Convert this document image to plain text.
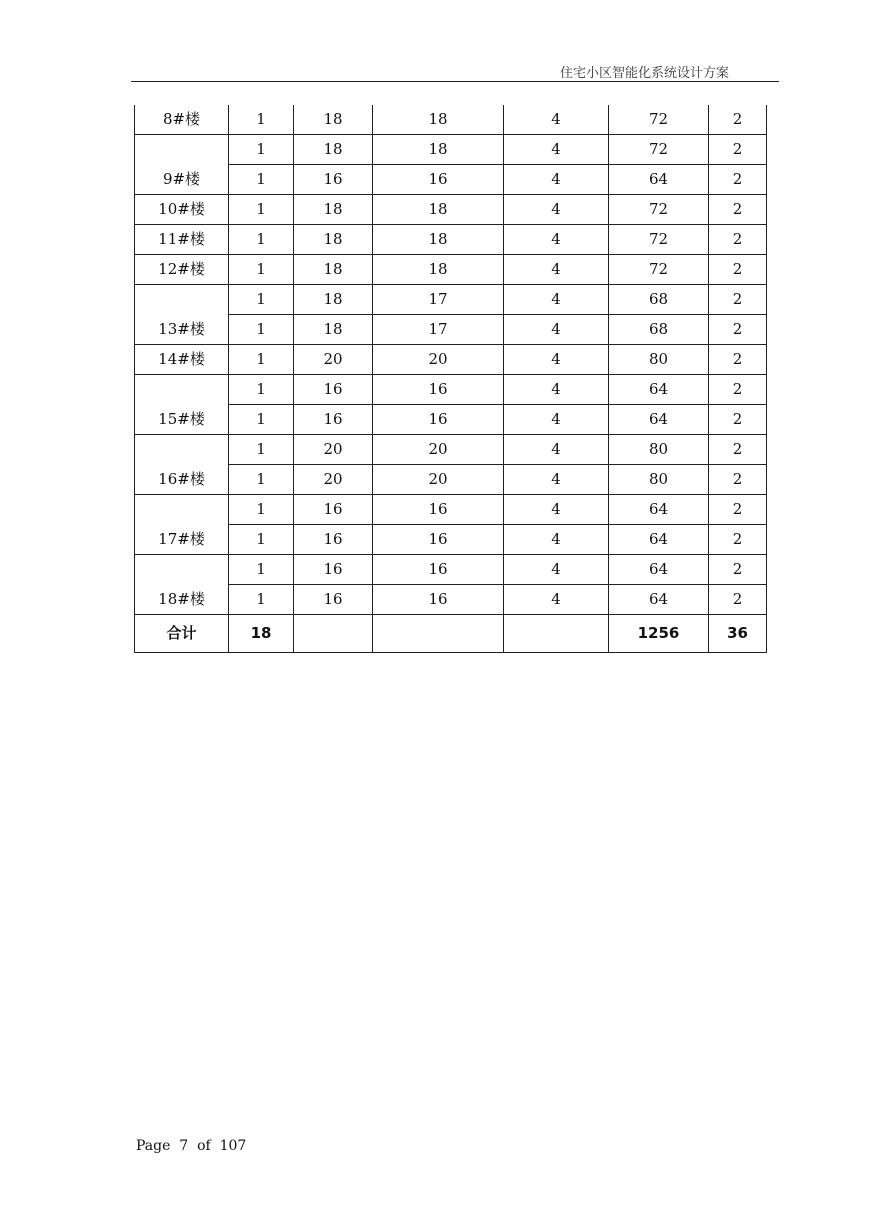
住宅小区智能化系统设计方案
8#楼	1	18	18	4	72	2
9#楼	1	18	18	4	72	2
	1	16	16	4	64	2
10#楼	1	18	18	4	72	2
11#楼	1	18	18	4	72	2
12#楼	1	18	18	4	72	2
13#楼	1	18	17	4	68	2
	1	18	17	4	68	2
14#楼	1	20	20	4	80	2
15#楼	1	16	16	4	64	2
	1	16	16	4	64	2
16#楼	1	20	20	4	80	2
	1	20	20	4	80	2
17#楼	1	16	16	4	64	2
	1	16	16	4	64	2
18#楼	1	16	16	4	64	2
	1	16	16	4	64	2
合计	18				1256	36
Page  7  of  107
